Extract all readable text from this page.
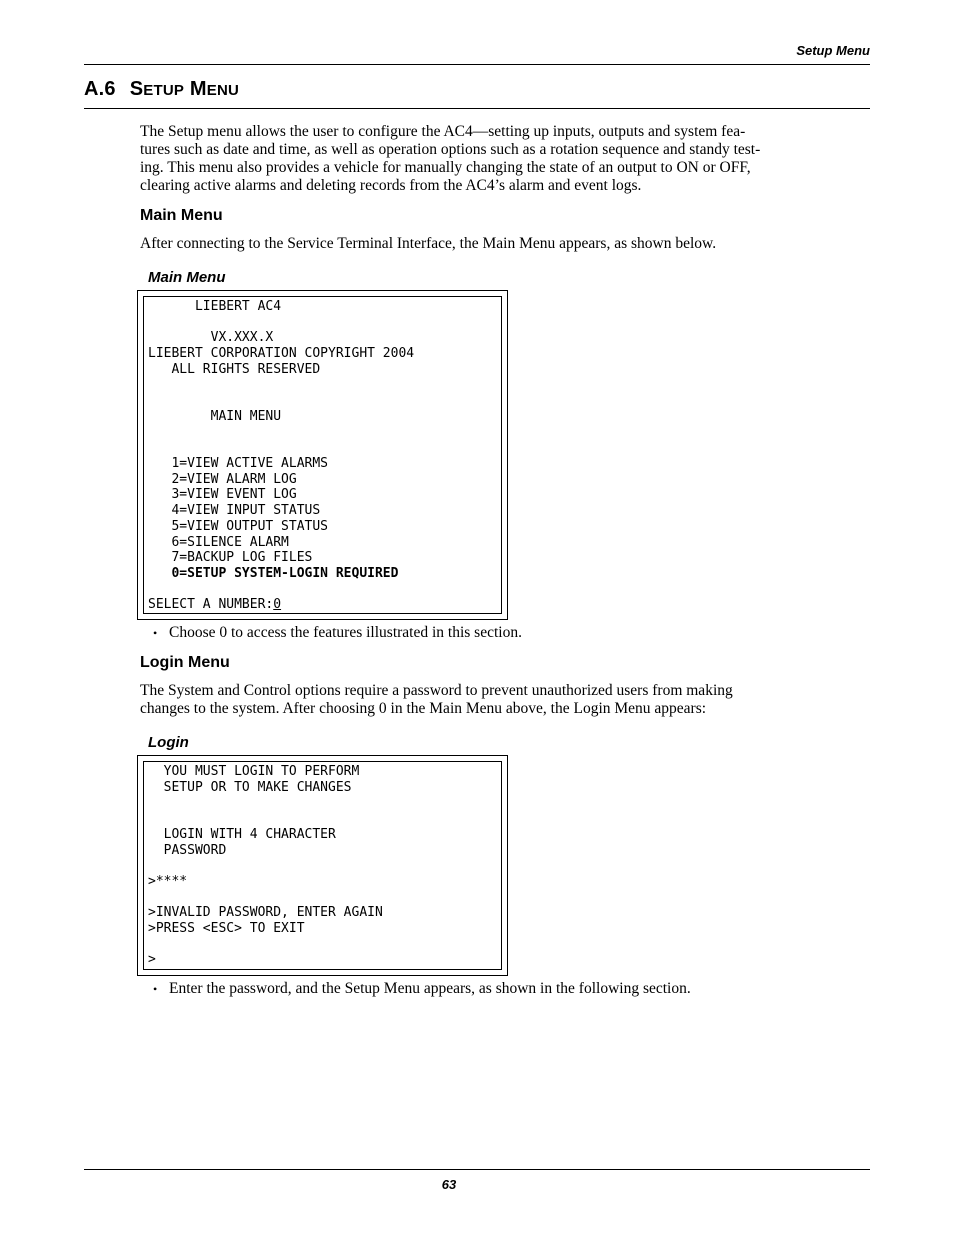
Setup Menu
A.6 SETUP MENU
The Setup menu allows the user to configure the AC4—setting up inputs, outputs and system fea-
tures such as date and time, as well as operation options such as a rotation sequence and standy test-
ing. This menu also provides a vehicle for manually changing the state of an output to ON or OFF,
clearing active alarms and deleting records from the AC4’s alarm and event logs.
Main Menu
After connecting to the Service Terminal Interface, the Main Menu appears, as shown below.
Main Menu
LIEBERT AC4

VX.XXX.X
LIEBERT CORPORATION COPYRIGHT 2004
ALL RIGHTS RESERVED

MAIN MENU

1=VIEW ACTIVE ALARMS
2=VIEW ALARM LOG
3=VIEW EVENT LOG
4=VIEW INPUT STATUS
5=VIEW OUTPUT STATUS
6=SILENCE ALARM
7=BACKUP LOG FILES
0=SETUP SYSTEM-LOGIN REQUIRED

SELECT A NUMBER:0
• Choose 0 to access the features illustrated in this section.
Login Menu
The System and Control options require a password to prevent unauthorized users from making
changes to the system. After choosing 0 in the Main Menu above, the Login Menu appears:
Login
YOU MUST LOGIN TO PERFORM
SETUP OR TO MAKE CHANGES

LOGIN WITH 4 CHARACTER
PASSWORD

>****

>INVALID PASSWORD, ENTER AGAIN
>PRESS <ESC> TO EXIT

>
• Enter the password, and the Setup Menu appears, as shown in the following section.
63
